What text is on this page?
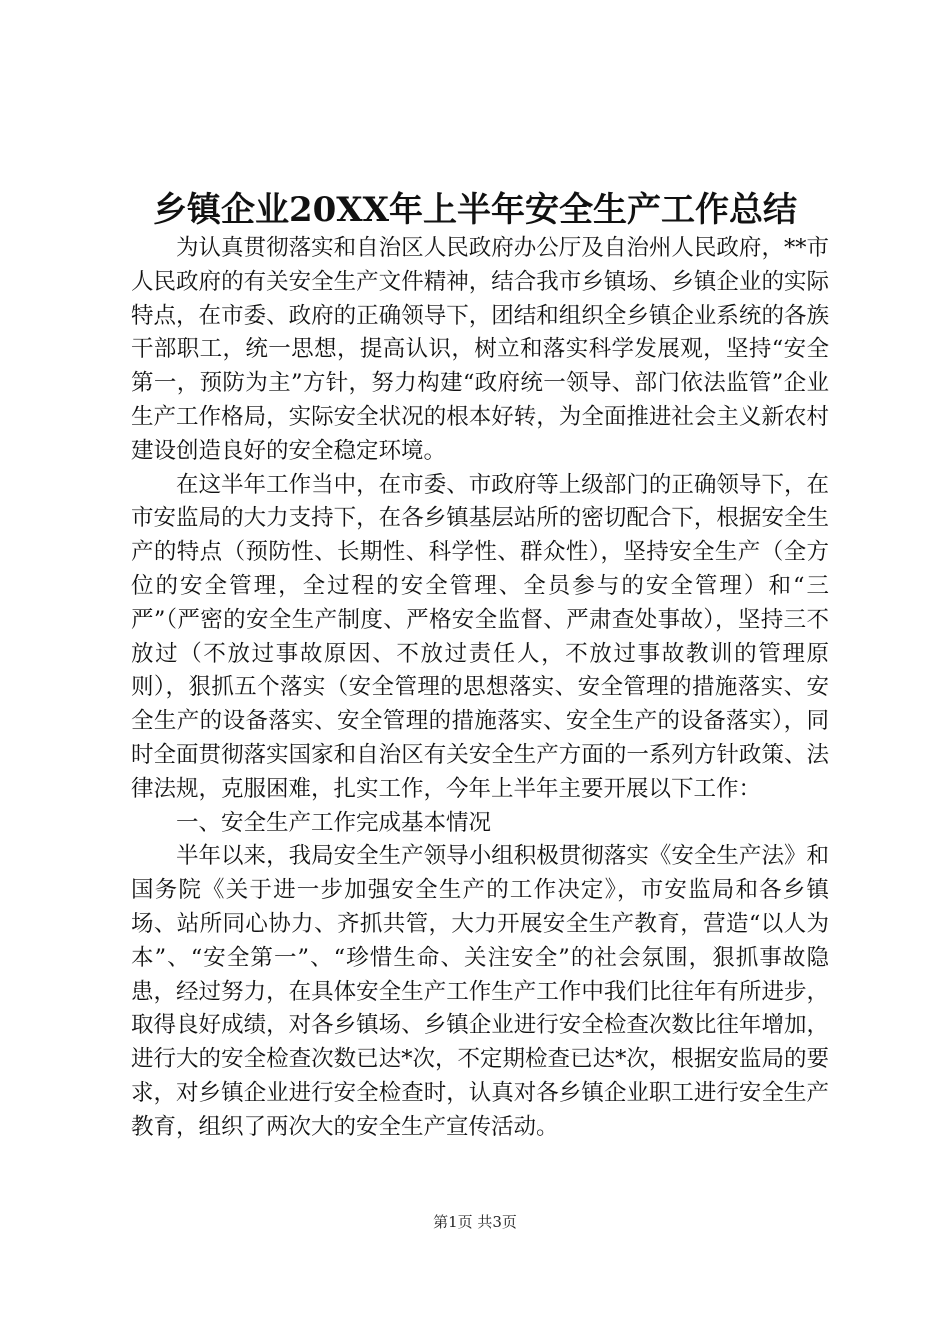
乡镇企业20XX年上半年安全生产工作总结

为认真贯彻落实和自治区人民政府办公厅及自治州人民政府，**市人民政府的有关安全生产文件精神，结合我市乡镇场、乡镇企业的实际特点，在市委、政府的正确领导下，团结和组织全乡镇企业系统的各族干部职工，统一思想，提高认识，树立和落实科学发展观，坚持“安全第一，预防为主”方针，努力构建“政府统一领导、部门依法监管”企业生产工作格局，实际安全状况的根本好转，为全面推进社会主义新农村建设创造良好的安全稳定环境。

在这半年工作当中，在市委、市政府等上级部门的正确领导下，在市安监局的大力支持下，在各乡镇基层站所的密切配合下，根据安全生产的特点（预防性、长期性、科学性、群众性），坚持安全生产（全方位的安全管理，全过程的安全管理、全员参与的安全管理）和“三严”（严密的安全生产制度、严格安全监督、严肃查处事故），坚持三不放过（不放过事故原因、不放过责任人，不放过事故教训的管理原则），狠抓五个落实（安全管理的思想落实、安全管理的措施落实、安全生产的设备落实、安全管理的措施落实、安全生产的设备落实），同时全面贯彻落实国家和自治区有关安全生产方面的一系列方针政策、法律法规，克服困难，扎实工作，今年上半年主要开展以下工作：

一、安全生产工作完成基本情况

半年以来，我局安全生产领导小组积极贯彻落实《安全生产法》和国务院《关于进一步加强安全生产的工作决定》，市安监局和各乡镇场、站所同心协力、齐抓共管，大力开展安全生产教育，营造“以人为本”、“安全第一”、“珍惜生命、关注安全”的社会氛围，狠抓事故隐患，经过努力，在具体安全生产工作生产工作中我们比往年有所进步，取得良好成绩，对各乡镇场、乡镇企业进行安全检查次数比往年增加，进行大的安全检查次数已达*次，不定期检查已达*次，根据安监局的要求，对乡镇企业进行安全检查时，认真对各乡镇企业职工进行安全生产教育，组织了两次大的安全生产宣传活动。

第1页 共3页
